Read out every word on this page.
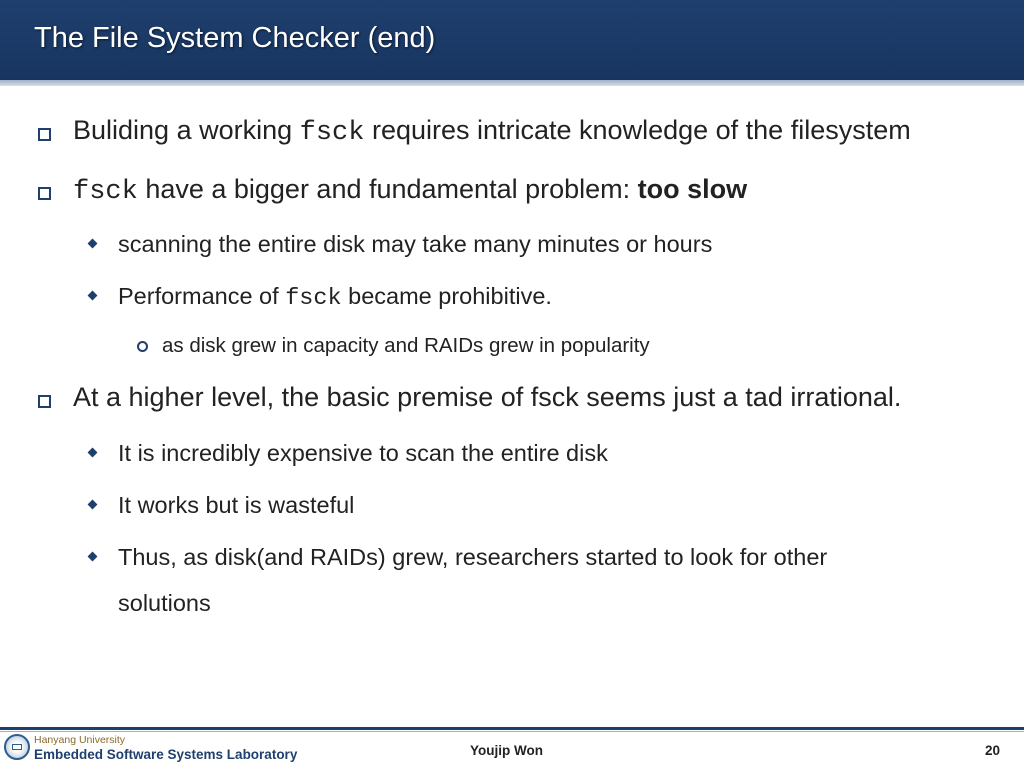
The File System Checker (end)
Buliding a working fsck requires intricate knowledge of the filesystem
fsck have a bigger and fundamental problem: too slow
scanning the entire disk may take many minutes or hours
Performance of fsck became prohibitive.
as disk grew in capacity and RAIDs grew in popularity
At a higher level, the basic premise of fsck seems just a tad irrational.
It is incredibly expensive to scan the entire disk
It works but is wasteful
Thus, as disk(and RAIDs) grew, researchers started to look for other
solutions
Hanyang University
Embedded Software Systems Laboratory	Youjip Won	20
